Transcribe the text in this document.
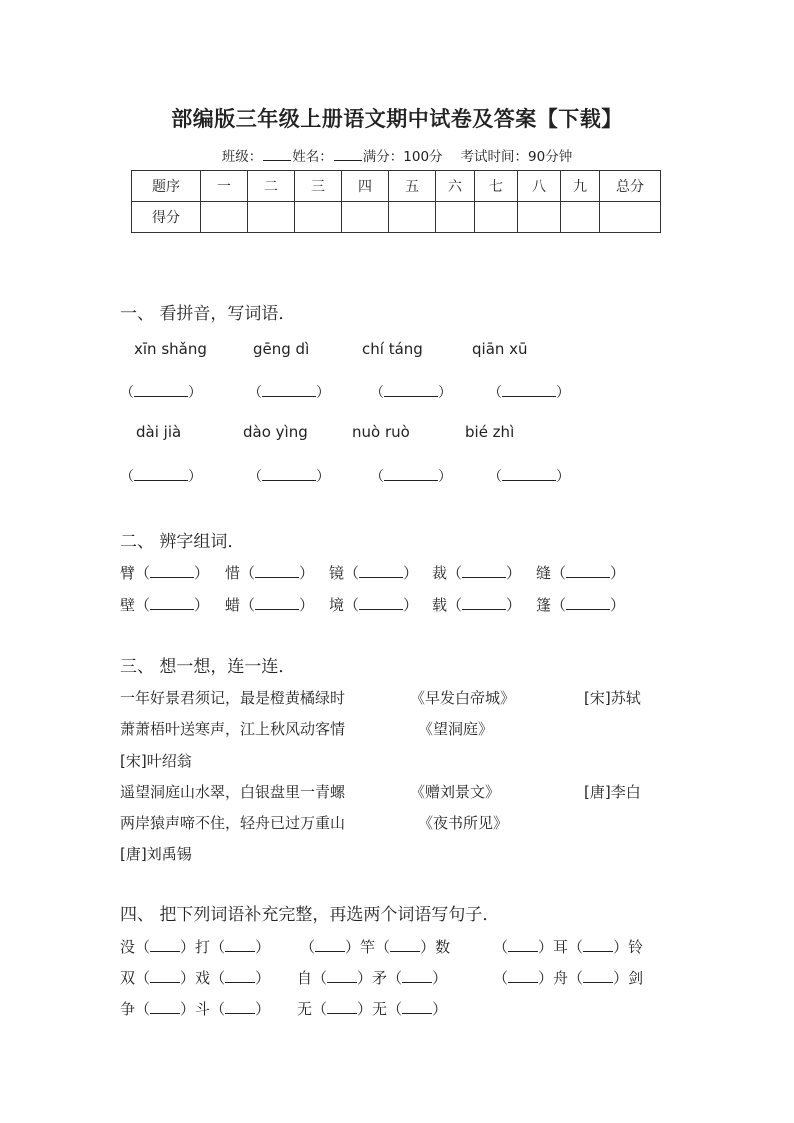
部编版三年级上册语文期中试卷及答案【下载】
班级： 姓名： 满分：100分 考试时间：90分钟
题序	一	二	三	四	五	六	七	八	九	总分
得分										
一、 看拼音，写词语．
xīn shǎng	gēng dì	chí táng	qiān xū
（	）	（	）	（	）	（	）
dài jià	dào yìng	nuò ruò	bié zhì
（	）	（	）	（	）	（	）
二、 辨字组词．
臂（	） 惜（	） 镜（	） 裁（	） 缝（	）
壁（	） 蜡（	） 境（	） 载（	） 篷（	）
三、 想一想，连一连．
一年好景君须记，最是橙黄橘绿时	《早发白帝城》	[宋]苏轼
萧萧梧叶送寒声，江上秋风动客情	《望洞庭》
[宋]叶绍翁
遥望洞庭山水翠，白银盘里一青螺	《赠刘景文》	[唐]李白
两岸猿声啼不住，轻舟已过万重山	《夜书所见》
[唐]刘禹锡
四、 把下列词语补充完整，再选两个词语写句子．
没（ ）打（ ） （ ）竿（ ）数	（ ）耳（ ）铃
双（ ）戏（ ） 自（ ）矛（ ）	（ ）舟（ ）剑
争（ ）斗（ ） 无（ ）无（ ）
